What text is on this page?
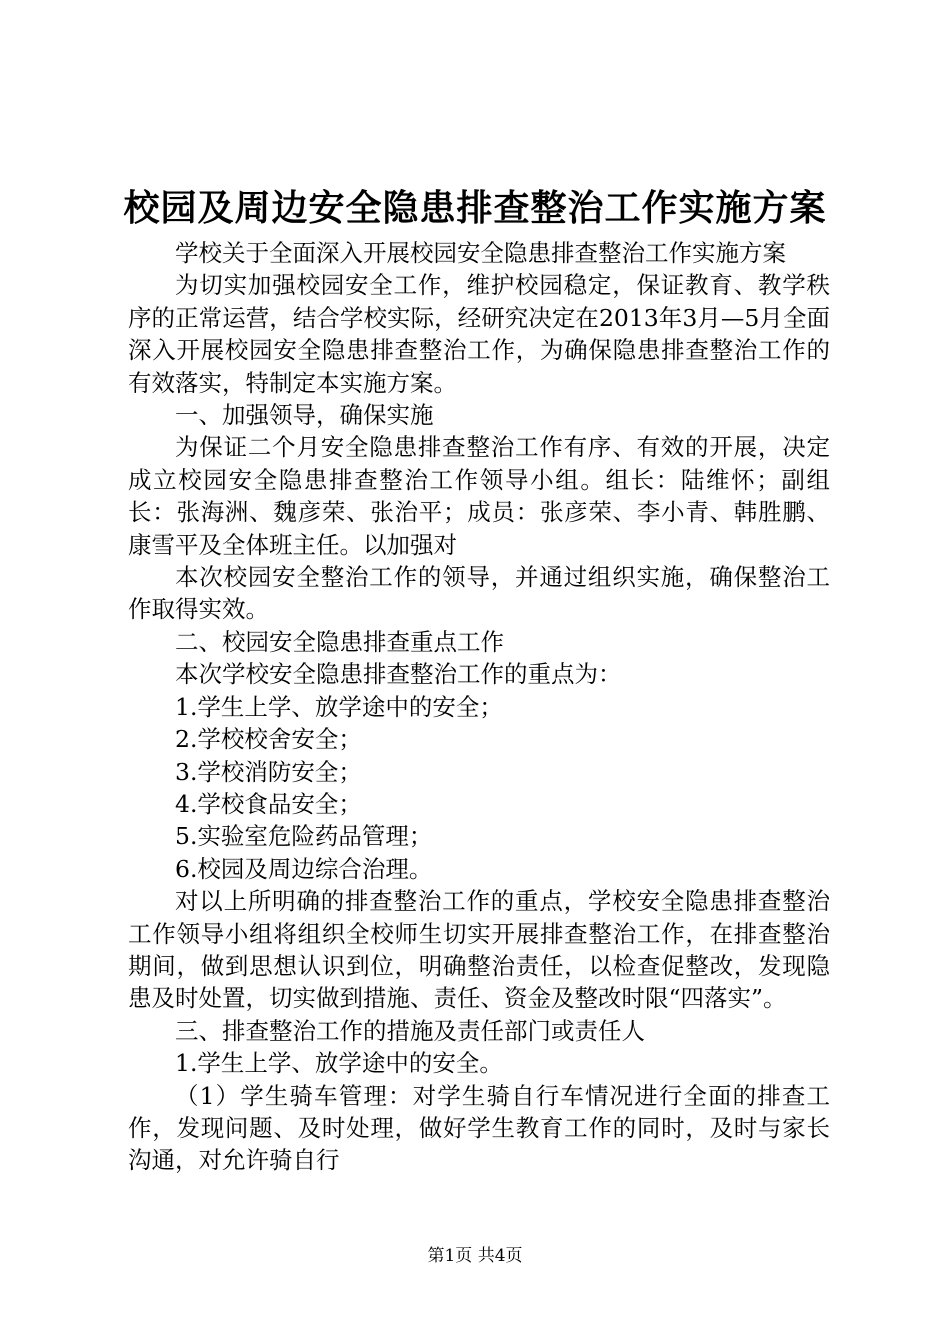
校园及周边安全隐患排查整治工作实施方案

学校关于全面深入开展校园安全隐患排查整治工作实施方案

为切实加强校园安全工作，维护校园稳定，保证教育、教学秩序的正常运营，结合学校实际，经研究决定在2013年3月—5月全面深入开展校园安全隐患排查整治工作，为确保隐患排查整治工作的有效落实，特制定本实施方案。

一、加强领导，确保实施

为保证二个月安全隐患排查整治工作有序、有效的开展，决定成立校园安全隐患排查整治工作领导小组。组长：陆维怀；副组长：张海洲、魏彦荣、张治平；成员：张彦荣、李小青、韩胜鹏、康雪平及全体班主任。以加强对

本次校园安全整治工作的领导，并通过组织实施，确保整治工作取得实效。

二、校园安全隐患排查重点工作

本次学校安全隐患排查整治工作的重点为：

1.学生上学、放学途中的安全；

2.学校校舍安全；

3.学校消防安全；

4.学校食品安全；

5.实验室危险药品管理；

6.校园及周边综合治理。

对以上所明确的排查整治工作的重点，学校安全隐患排查整治工作领导小组将组织全校师生切实开展排查整治工作，在排查整治期间，做到思想认识到位，明确整治责任，以检查促整改，发现隐患及时处置，切实做到措施、责任、资金及整改时限“四落实”。

三、排查整治工作的措施及责任部门或责任人

1.学生上学、放学途中的安全。

（1）学生骑车管理：对学生骑自行车情况进行全面的排查工作，发现问题、及时处理，做好学生教育工作的同时，及时与家长沟通，对允许骑自行

第1页 共4页
